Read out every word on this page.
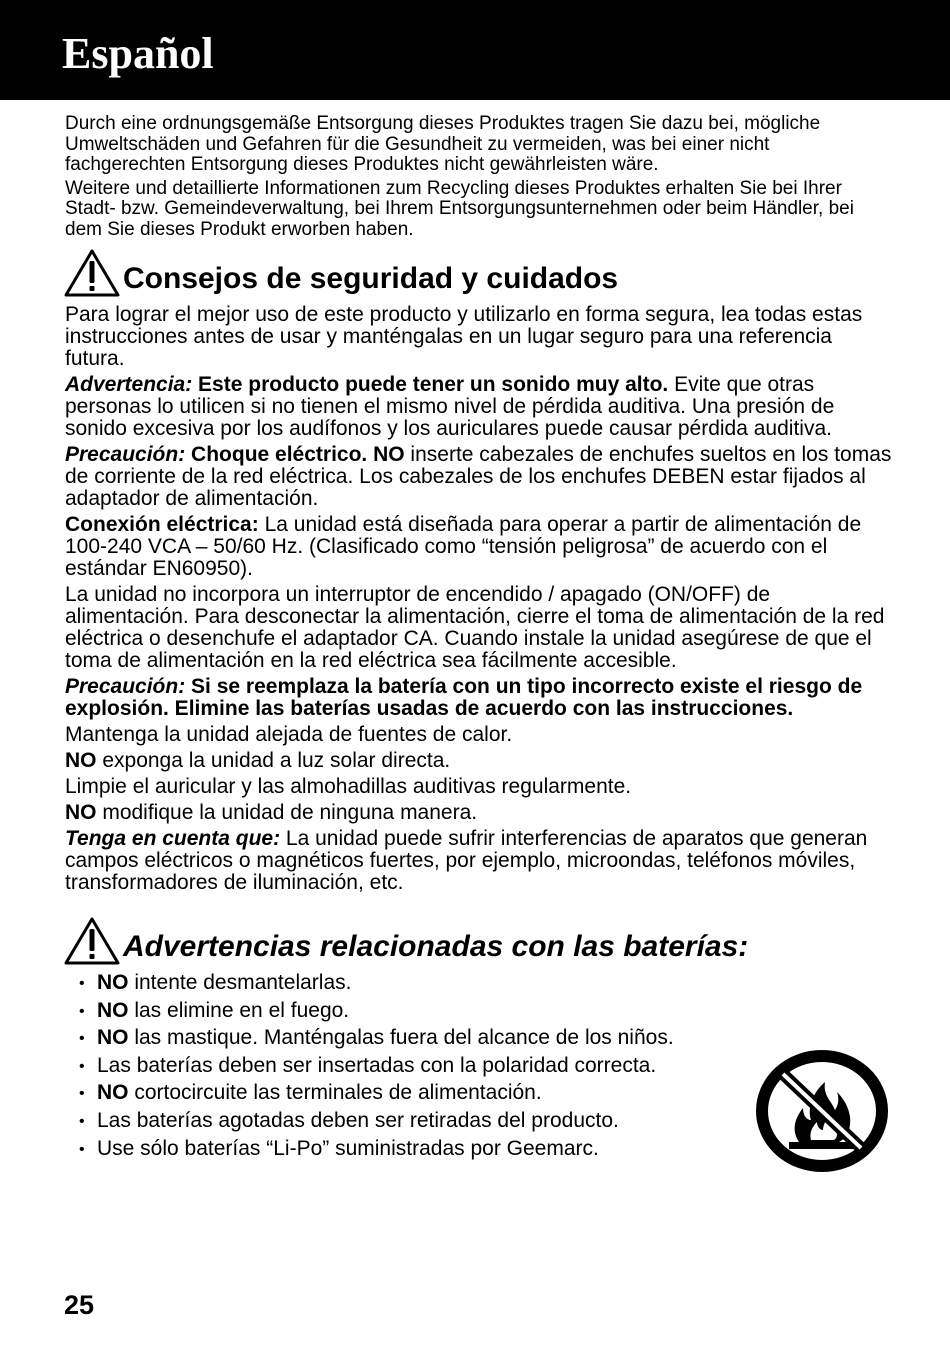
Español

Durch eine ordnungsgemäße Entsorgung dieses Produktes tragen Sie dazu bei, mögliche Umweltschäden und Gefahren für die Gesundheit zu vermeiden, was bei einer nicht fachgerechten Entsorgung dieses Produktes nicht gewährleisten wäre.

Weitere und detaillierte Informationen zum Recycling dieses Produktes erhalten Sie bei Ihrer Stadt- bzw. Gemeindeverwaltung, bei Ihrem Entsorgungsunternehmen oder beim Händler, bei dem Sie dieses Produkt erworben haben.

Consejos de seguridad y cuidados

Para lograr el mejor uso de este producto y utilizarlo en forma segura, lea todas estas instrucciones antes de usar y manténgalas en un lugar seguro para una referencia futura.

Advertencia: Este producto puede tener un sonido muy alto. Evite que otras personas lo utilicen si no tienen el mismo nivel de pérdida auditiva. Una presión de sonido excesiva por los audífonos y los auriculares puede causar pérdida auditiva.

Precaución: Choque eléctrico. NO inserte cabezales de enchufes sueltos en los tomas de corriente de la red eléctrica. Los cabezales de los enchufes DEBEN estar fijados al adaptador de alimentación.

Conexión eléctrica: La unidad está diseñada para operar a partir de alimentación de 100-240 VCA – 50/60 Hz. (Clasificado como “tensión peligrosa” de acuerdo con el estándar EN60950).

La unidad no incorpora un interruptor de encendido / apagado (ON/OFF) de alimentación. Para desconectar la alimentación, cierre el toma de alimentación de la red eléctrica o desenchufe el adaptador CA. Cuando instale la unidad asegúrese de que el toma de alimentación en la red eléctrica sea fácilmente accesible.

Precaución: Si se reemplaza la batería con un tipo incorrecto existe el riesgo de explosión. Elimine las baterías usadas de acuerdo con las instrucciones.

Mantenga la unidad alejada de fuentes de calor.

NO exponga la unidad a luz solar directa.

Limpie el auricular y las almohadillas auditivas regularmente.

NO modifique la unidad de ninguna manera.

Tenga en cuenta que: La unidad puede sufrir interferencias de aparatos que generan campos eléctricos o magnéticos fuertes, por ejemplo, microondas, teléfonos móviles, transformadores de iluminación, etc.

Advertencias relacionadas con las baterías:
• NO intente desmantelarlas.
• NO las elimine en el fuego.
• NO las mastique. Manténgalas fuera del alcance de los niños.
• Las baterías deben ser insertadas con la polaridad correcta.
• NO cortocircuite las terminales de alimentación.
• Las baterías agotadas deben ser retiradas del producto.
• Use sólo baterías “Li-Po” suministradas por Geemarc.

25
